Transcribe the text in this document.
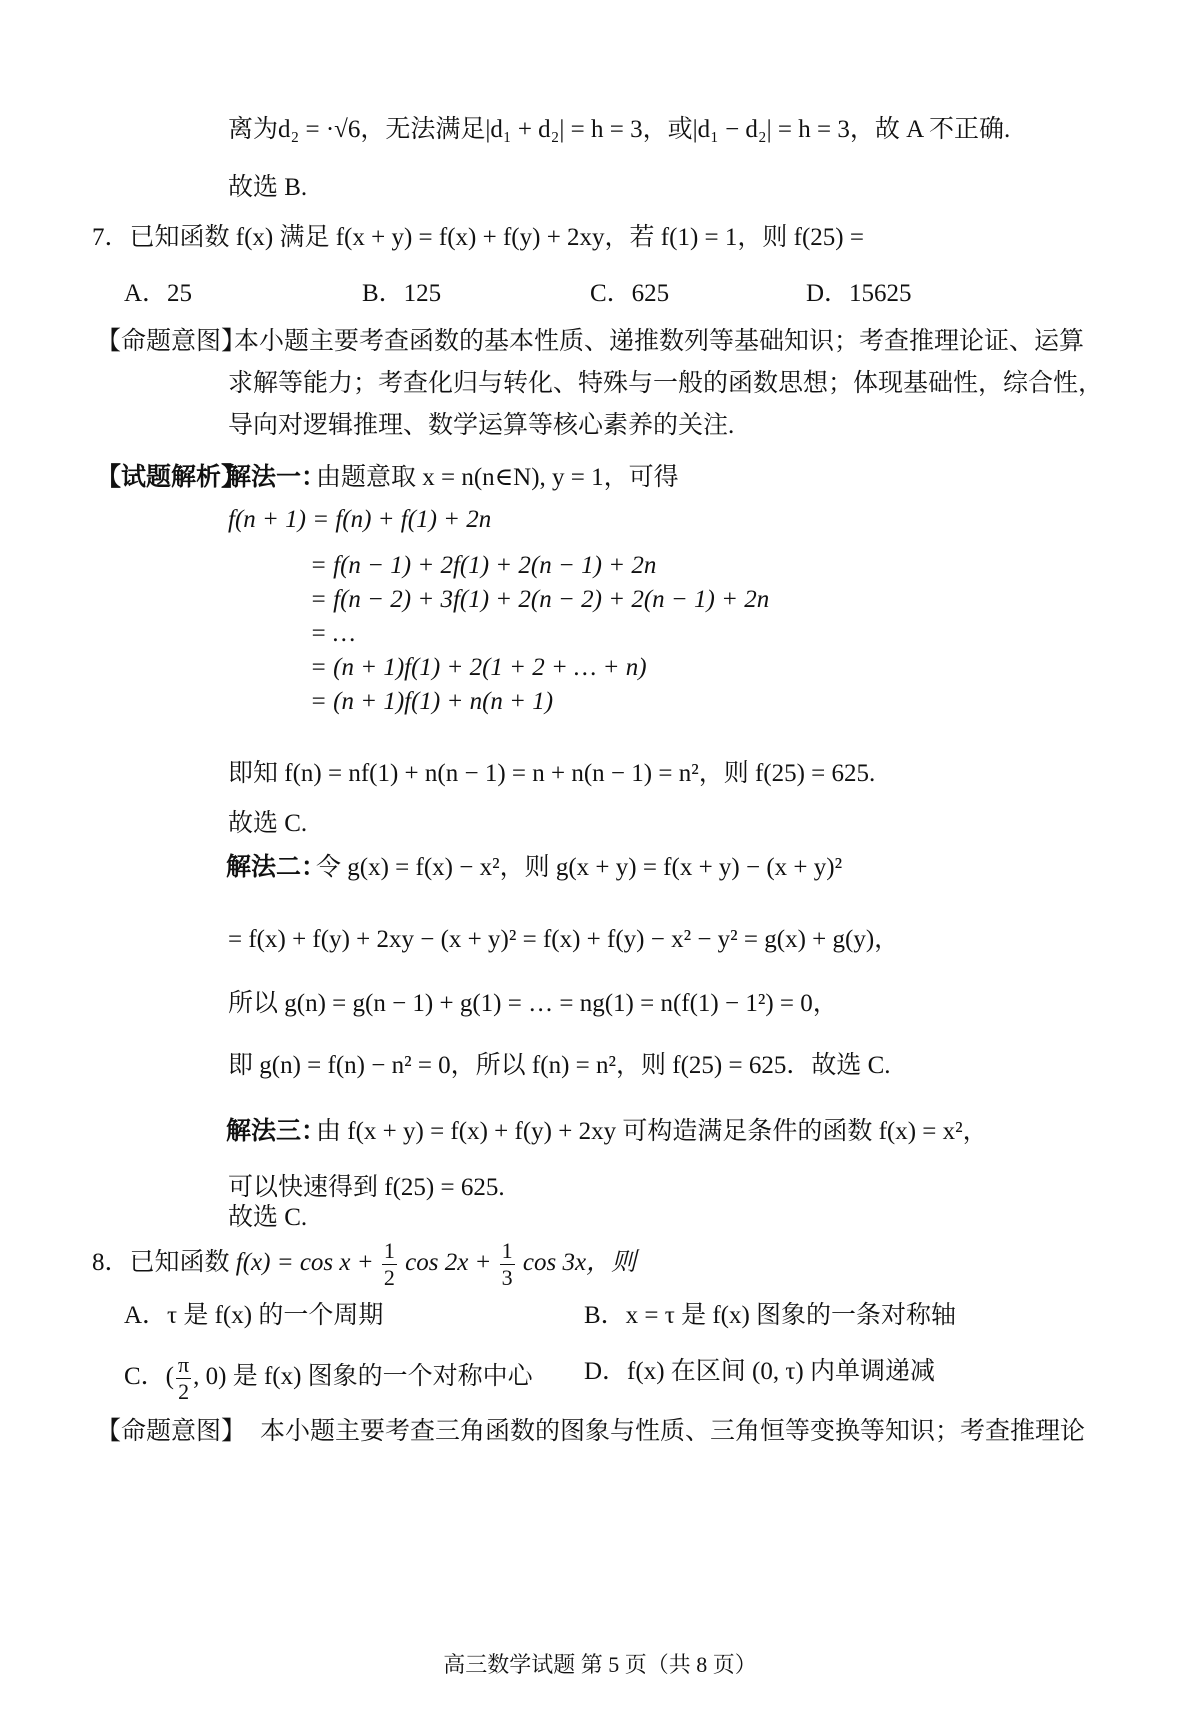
离为d₂ = ·√6，无法满足|d₁ + d₂| = h = 3，或|d₁ − d₂| = h = 3，故 A 不正确.
故选 B.
7．已知函数 f(x) 满足 f(x + y) = f(x) + f(y) + 2xy，若 f(1) = 1，则 f(25) =
A．25	B．125	C．625	D．15625
【命题意图】
本小题主要考查函数的基本性质、递推数列等基础知识；考查推理论证、运算
求解等能力；考查化归与转化、特殊与一般的函数思想；体现基础性，综合性，
导向对逻辑推理、数学运算等核心素养的关注.
【试题解析】
解法一：
由题意取 x = n(n∈N), y = 1，可得
f(n + 1) = f(n) + f(1) + 2n
= f(n − 1) + 2f(1) + 2(n − 1) + 2n
= f(n − 2) + 3f(1) + 2(n − 2) + 2(n − 1) + 2n
= …
= (n + 1)f(1) + 2(1 + 2 + … + n)
= (n + 1)f(1) + n(n + 1)
即知 f(n) = nf(1) + n(n − 1) = n + n(n − 1) = n²，则 f(25) = 625.
故选 C.
解法二：
令 g(x) = f(x) − x²，则 g(x + y) = f(x + y) − (x + y)²
= f(x) + f(y) + 2xy − (x + y)² = f(x) + f(y) − x² − y² = g(x) + g(y)，
所以 g(n) = g(n − 1) + g(1) = … = ng(1) = n(f(1) − 1²) = 0，
即 g(n) = f(n) − n² = 0，所以 f(n) = n²，则 f(25) = 625．故选 C.
解法三：
由 f(x + y) = f(x) + f(y) + 2xy 可构造满足条件的函数 f(x) = x²，
可以快速得到 f(25) = 625.
故选 C.
8．已知函数 $f(x) = \cos x + \frac{1}{2}$ $\cos 2x + \frac{1}{3}$ cos 3x，则
A．τ 是 f(x) 的一个周期	B．x = τ 是 f(x) 图象的一条对称轴
C．( $\frac{\pi}{2}$ , 0) 是 f(x) 图象的一个对称中心 D．f(x) 在区间 (0, τ) 内单调递减
【命题意图】 本小题主要考查三角函数的图象与性质、三角恒等变换等知识；考查推理论
高三数学试题 第 5 页（共 8 页）
